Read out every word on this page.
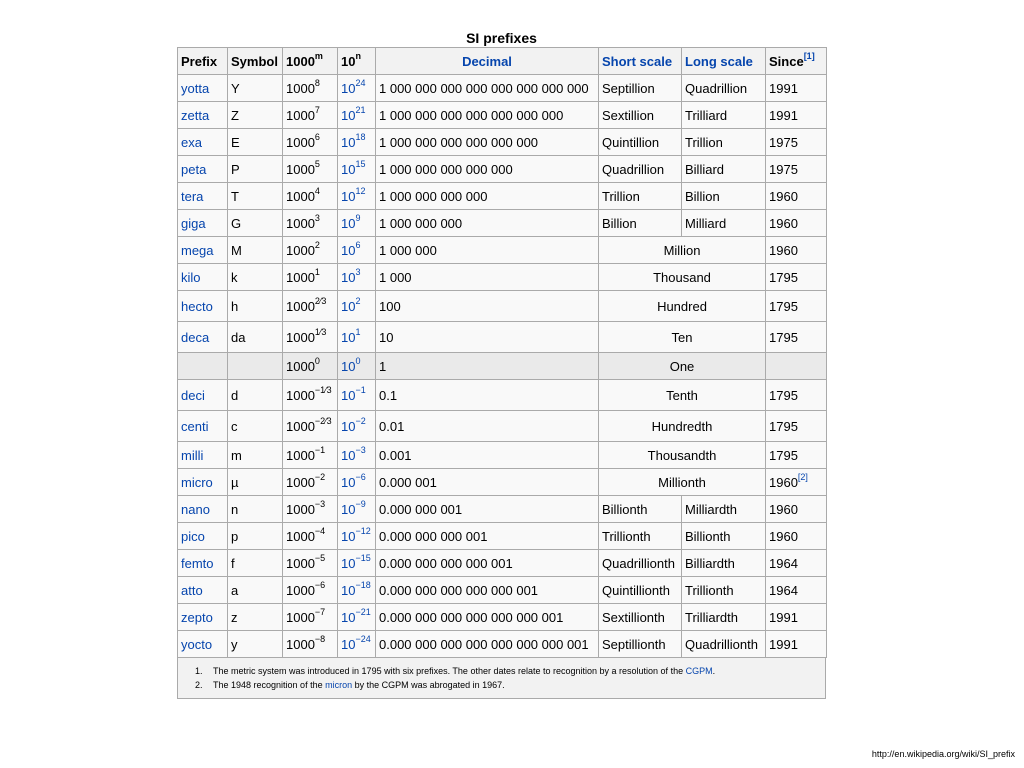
SI prefixes
Prefix	Symbol	1000$^m$	10$^n$	Decimal	Short scale	Long scale	Since[1]
yotta	Y	1000$^8$	$10^{24}$	1 000 000 000 000 000 000 000 000	Septillion	Quadrillion	1991
zetta	Z	1000$^7$	$10^{21}$	1 000 000 000 000 000 000 000	Sextillion	Trilliard	1991
exa	E	1000$^6$	$10^{18}$	1 000 000 000 000 000 000	Quintillion	Trillion	1975
peta	P	1000$^5$	$10^{15}$	1 000 000 000 000 000	Quadrillion	Billiard	1975
tera	T	1000$^4$	$10^{12}$	1 000 000 000 000	Trillion	Billion	1960
giga	G	1000$^3$	$10^9$	1 000 000 000	Billion	Milliard	1960
mega	M	1000$^2$	$10^6$	1 000 000	Million		1960
kilo	k	1000$^1$	$10^3$	1 000	Thousand		1795
hecto	h	$1000^{2⁄3}$	$10^2$	100	Hundred		1795
deca	da	$1000^{1⁄3}$	$10^1$	10	Ten		1795
		1000$^0$	$10^0$	1	One		
deci	d	$1000^{-1⁄3}$	$10^{-1}$	0.1	Tenth		1795
centi	c	$1000^{-2⁄3}$	$10^{-2}$	0.01	Hundredth		1795
milli	m	$1000^{-1}$	$10^{-3}$	0.001	Thousandth		1795
micro	µ	$1000^{-2}$	$10^{-6}$	0.000 001	Millionth		1960[2]
nano	n	$1000^{-3}$	$10^{-9}$	0.000 000 001	Billionth	Milliardth	1960
pico	p	$1000^{-4}$	$10^{-12}$	0.000 000 000 001	Trillionth	Billionth	1960
femto	f	$1000^{-5}$	$10^{-15}$	0.000 000 000 000 001	Quadrillionth	Billiardth	1964
atto	a	$1000^{-6}$	$10^{-18}$	0.000 000 000 000 000 001	Quintillionth	Trillionth	1964
zepto	z	$1000^{-7}$	$10^{-21}$	0.000 000 000 000 000 000 001	Sextillionth	Trilliardth	1991
yocto	y	$1000^{-8}$	$10^{-24}$	0.000 000 000 000 000 000 000 001	Septillionth	Quadrillionth	1991
1. The metric system was introduced in 1795 with six prefixes. The other dates relate to recognition by a resolution of the CGPM.
2. The 1948 recognition of the micron by the CGPM was abrogated in 1967.
http://en.wikipedia.org/wiki/SI_prefix
